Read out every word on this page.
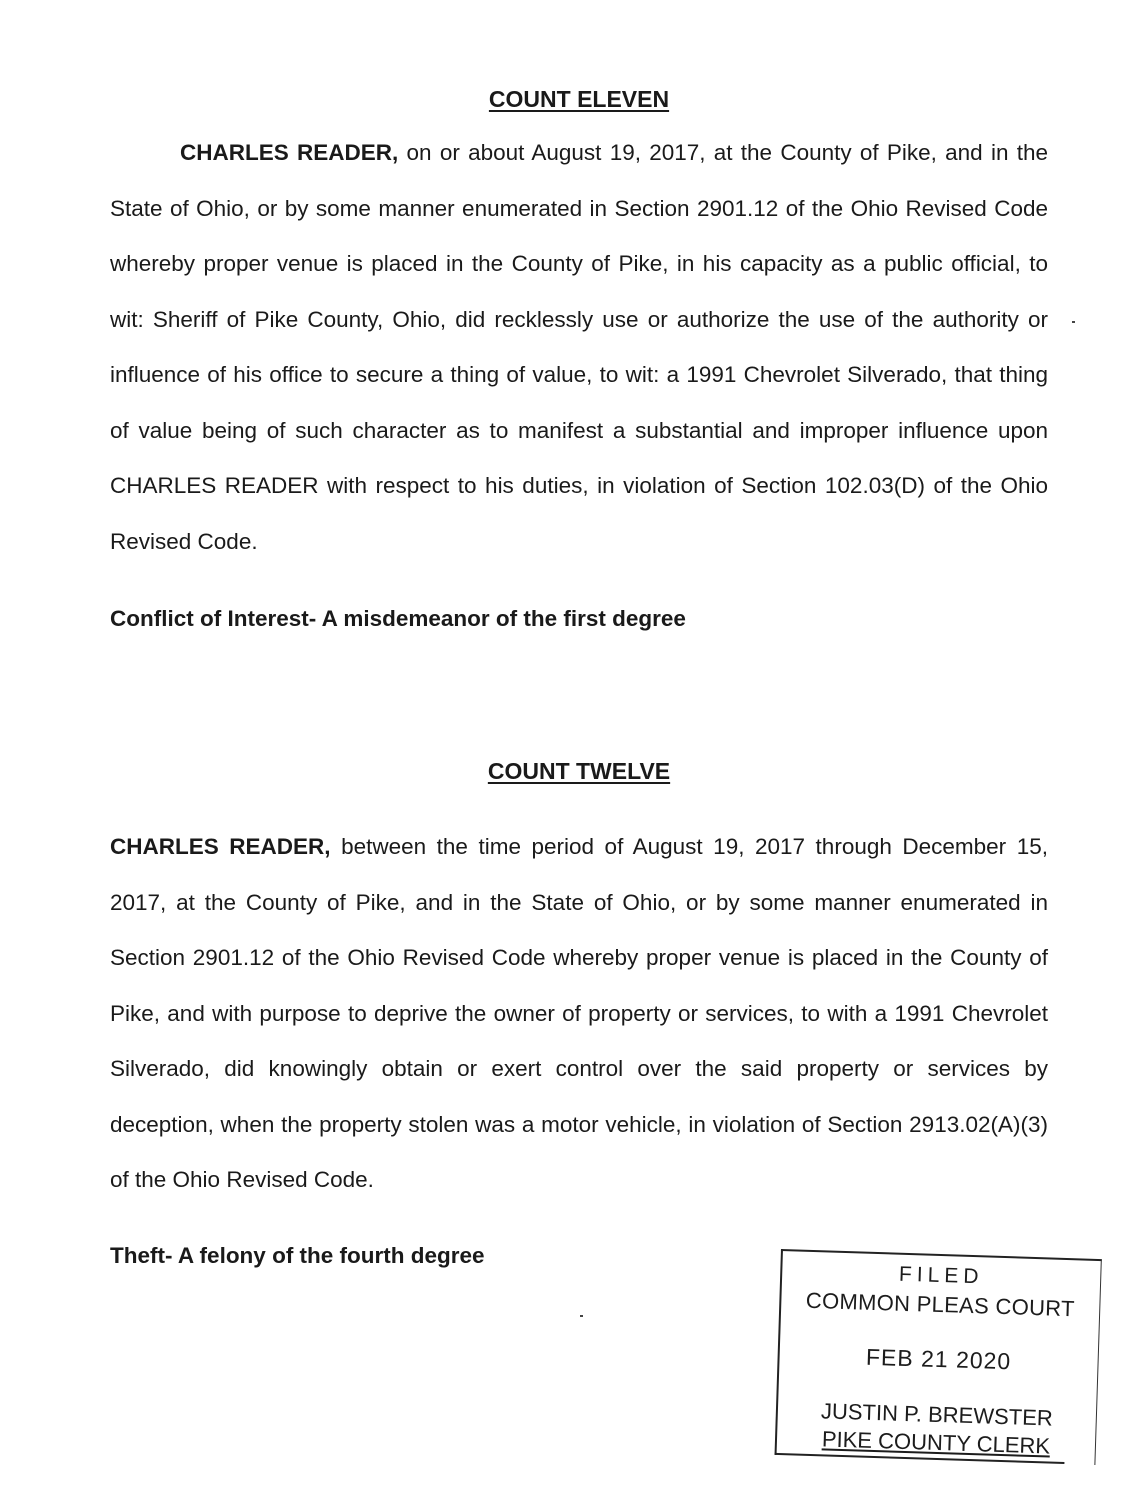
COUNT ELEVEN

CHARLES READER, on or about August 19, 2017, at the County of Pike, and in the State of Ohio, or by some manner enumerated in Section 2901.12 of the Ohio Revised Code whereby proper venue is placed in the County of Pike, in his capacity as a public official, to wit: Sheriff of Pike County, Ohio, did recklessly use or authorize the use of the authority or influence of his office to secure a thing of value, to wit: a 1991 Chevrolet Silverado, that thing of value being of such character as to manifest a substantial and improper influence upon CHARLES READER with respect to his duties, in violation of Section 102.03(D) of the Ohio Revised Code.

Conflict of Interest- A misdemeanor of the first degree
COUNT TWELVE

CHARLES READER, between the time period of August 19, 2017 through December 15, 2017, at the County of Pike, and in the State of Ohio, or by some manner enumerated in Section 2901.12 of the Ohio Revised Code whereby proper venue is placed in the County of Pike, and with purpose to deprive the owner of property or services, to with a 1991 Chevrolet Silverado, did knowingly obtain or exert control over the said property or services by deception, when the property stolen was a motor vehicle, in violation of Section 2913.02(A)(3) of the Ohio Revised Code.

Theft- A felony of the fourth degree
FILED
COMMON PLEAS COURT
FEB 21 2020
JUSTIN P. BREWSTER
PIKE COUNTY CLERK
